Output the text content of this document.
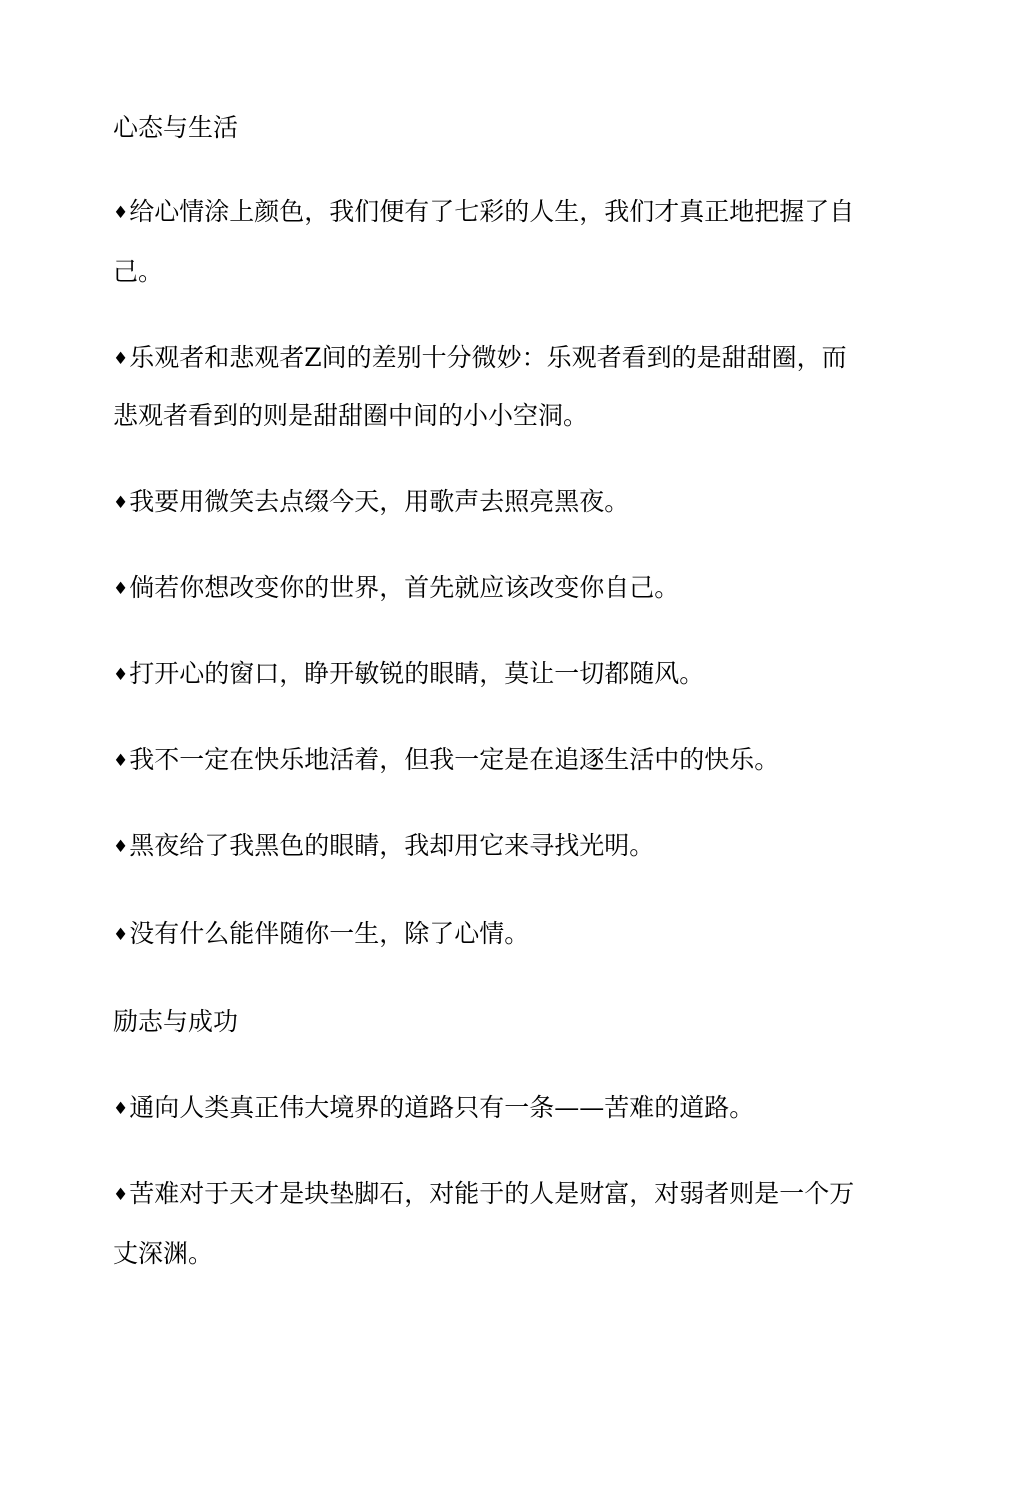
心态与生活
♦给心情涂上颜色，我们便有了七彩的人生，我们才真正地把握了自
己。
♦乐观者和悲观者Z间的差别十分微妙：乐观者看到的是甜甜圈，而
悲观者看到的则是甜甜圈中间的小小空洞。
♦我要用微笑去点缀今天，用歌声去照亮黑夜。
♦倘若你想改变你的世界，首先就应该改变你自己。
♦打开心的窗口，睁开敏锐的眼睛，莫让一切都随风。
♦我不一定在快乐地活着，但我一定是在追逐生活中的快乐。
♦黑夜给了我黑色的眼睛，我却用它来寻找光明。
♦没有什么能伴随你一生，除了心情。
励志与成功
♦通向人类真正伟大境界的道路只有一条——苦难的道路。
♦苦难对于天才是块垫脚石，对能于的人是财富，对弱者则是一个万
丈深渊。
